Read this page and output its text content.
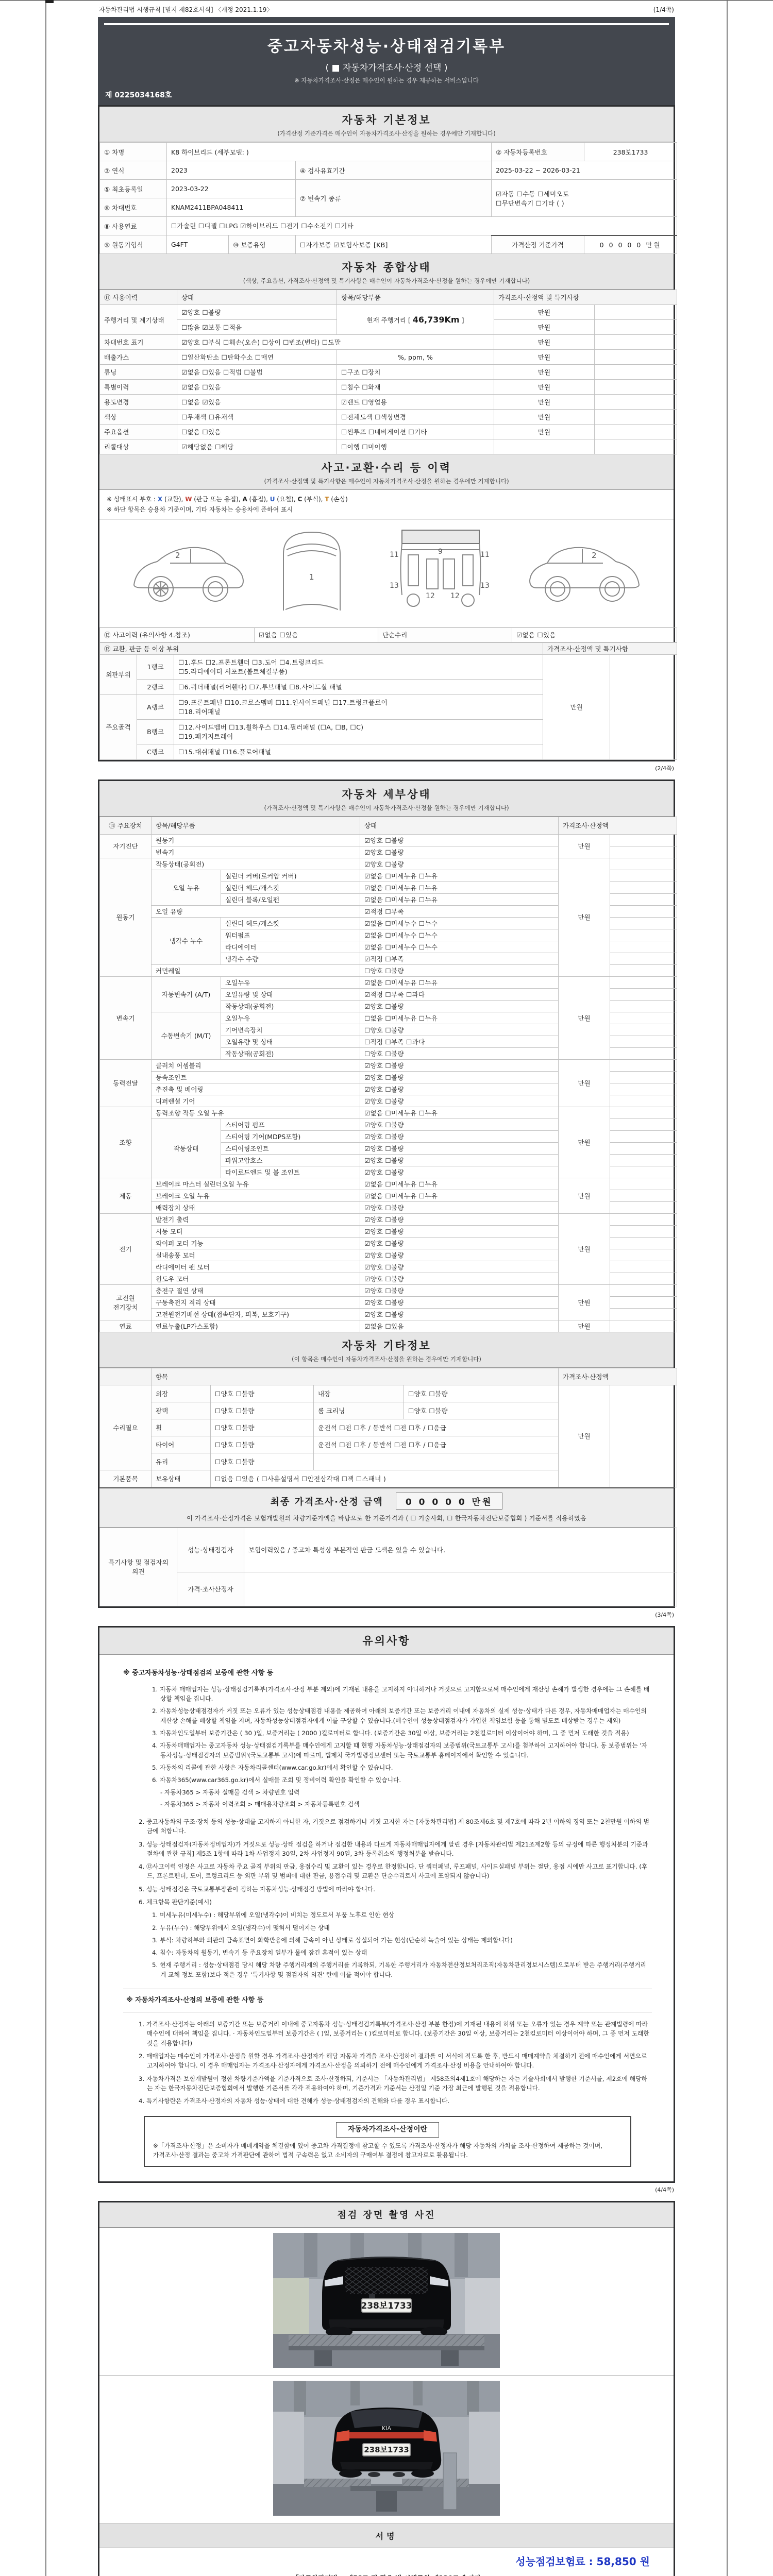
자동차관리법 시행규칙 [별지 제82호서식] 〈개정 2021.1.19〉	(1/4쪽)
중고자동차성능·상태점검기록부
( ■ 자동차가격조사·산정 선택 )
※ 자동차가격조사·산정은 매수인이 원하는 경우 제공하는 서비스입니다
제 0225034168호
자동차 기본정보
(가격산정 기준가격은 매수인이 자동차가격조사·산정을 원하는 경우에만 기재합니다)
① 차명	K8 하이브리드 (세부모델: )			② 자동차등록번호	238보1733
③ 연식	2023		④ 검사유효기간	2025-03-22 ~ 2026-03-21	
⑤ 최초등록일	2023-03-22		⑦ 변속기 종류	☑자동 ☐수동 ☐세미오토
☐무단변속기 ☐기타 ( )	

⑥ 차대번호	KNAM2411BPA048411				
⑧ 사용연료	☐가솔린 ☐디젤 ☐LPG ☑하이브리드 ☐전기 ☐수소전기 ☐기타				
⑨ 원동기형식	G4FT	⑩ 보증유형	☐자가보증 ☑보험사보증 [KB]	가격산정 기준가격	0 0 0 0 0 만원
자동차 종합상태
(색상, 주요옵션, 가격조사·산정액 및 특기사항은 매수인이 자동차가격조사·산정을 원하는 경우에만 기재합니다)
⑪ 사용이력	상태	항목/해당부품	가격조사·산정액 및 특기사항	
주행거리 및 계기상태	☑양호 ☐불량	현재 주행거리 [ 46,739Km ]	만원	
	☐많음 ☑보통 ☐적음		만원	
차대번호 표기	☑양호 ☐부식 ☐훼손(오손) ☐상이 ☐변조(변타) ☐도말		만원	
배출가스	☐일산화탄소 ☐탄화수소 ☐매연	%, ppm, %	만원	
튜닝	☑없음 ☐있음 ☐적법 ☐불법	☐구조 ☐장치	만원	
특별이력	☑없음 ☐있음	☐침수 ☐화재	만원	
용도변경	☐없음 ☑있음	☑렌트 ☐영업용	만원	
색상	☐무채색 ☐유채색	☐전체도색 ☐색상변경	만원	
주요옵션	☐없음 ☐있음	☐썬루프 ☐네비게이션 ☐기타	만원	
리콜대상	☑해당없음 ☐해당	☐이행 ☐미이행		
사고·교환·수리 등 이력
(가격조사·산정액 및 특기사항은 매수인이 자동차가격조사·산정을 원하는 경우에만 기재합니다)
※ 상태표시 부호 : X (교환), W (판금 또는 용접), A (흠집), U (요철), C (부식), T (손상)
※ 하단 항목은 승용차 기준이며, 기타 자동차는 승용차에 준하여 표시
2
1
11	11
9
13	13
12 12
2
⑫ 사고이력 (유의사항 4.참조)	☑없음 ☐있음	단순수리	☑없음 ☐있음
⑬ 교환, 판금 등 이상 부위			가격조사·산정액 및 특기사항	
외판부위	1랭크	☐1.후드 ☐2.프론트휀더 ☐3.도어 ☐4.트렁크리드
☐5.라디에이터 서포트(볼트체결부품)	만원	
	2랭크	☐6.쿼더패널(리어휀다) ☐7.루브패널 ☐8.사이드실 패널		
주요골격	A랭크	☐9.프론트패널 ☐10.크로스멤버 ☐11.인사이드패널 ☐17.트렁크플로어
☐18.리어패널		

	B랭크	☐12.사이드멤버 ☐13.휠하우스 ☐14.필러패널 (☐A, ☐B, ☐C)
☐19.패키지트레이		

	C랭크	☐15.대쉬패널 ☐16.플로어패널		
(2/4쪽)
자동차 세부상태
(가격조사·산정액 및 특기사항은 매수인이 자동차가격조사·산정을 원하는 경우에만 기재합니다)
⑭ 주요장치	항목/해당부품		상태	가격조사·산정액	
자기진단	원동기		☑양호 ☐불량	만원	
	변속기		☑양호 ☐불량		
원동기	작동상태(공회전)		☑양호 ☐불량	만원	
	오일 누유	실린더 커버(로커암 커버)	☑없음 ☐미세누유 ☐누유		
		실린더 헤드/개스킷	☑없음 ☐미세누유 ☐누유		
		실린더 블록/오일팬	☑없음 ☐미세누유 ☐누유		
	오일 유량		☑적정 ☐부족		
	냉각수 누수	실린더 헤드/개스킷	☑없음 ☐미세누수 ☐누수		
		워터펌프	☑없음 ☐미세누수 ☐누수		
		라디에이터	☑없음 ☐미세누수 ☐누수		
		냉각수 수량	☑적정 ☐부족		
	커먼레일		☐양호 ☐불량		
변속기	자동변속기 (A/T)	오일누유	☑없음 ☐미세누유 ☐누유	만원	
		오일유량 및 상태	☑적정 ☐부족 ☐과다		
		작동상태(공회전)	☑양호 ☐불량		
	수동변속기 (M/T)	오일누유	☐없음 ☐미세누유 ☐누유		
		기어변속장치	☐양호 ☐불량		
		오일유량 및 상태	☐적정 ☐부족 ☐과다		
		작동상태(공회전)	☐양호 ☐불량		
동력전달	클러치 어셈블리		☑양호 ☐불량	만원	
	등속조인트		☑양호 ☐불량		
	추진축 및 베어링		☑양호 ☐불량		
	디퍼렌셜 기어		☑양호 ☐불량		
조향	동력조향 작동 오일 누유		☑없음 ☐미세누유 ☐누유	만원	
	작동상태	스티어링 펌프	☑양호 ☐불량		
		스티어링 기어(MDPS포함)	☑양호 ☐불량		
		스티어링조인트	☑양호 ☐불량		
		파워고압호스	☑양호 ☐불량		
		타이로드엔드 및 볼 조인트	☑양호 ☐불량		
제동	브레이크 마스터 실린더오일 누유		☑없음 ☐미세누유 ☐누유	만원	
	브레이크 오일 누유		☑없음 ☐미세누유 ☐누유		
	배력장치 상태		☑양호 ☐불량		
전기	발전기 출력		☑양호 ☐불량	만원	
	시동 모터		☑양호 ☐불량		
	와이퍼 모터 기능		☑양호 ☐불량		
	실내송풍 모터		☑양호 ☐불량		
	라디에이터 팬 모터		☑양호 ☐불량		
	윈도우 모터		☑양호 ☐불량		
고전원 전기장치	충전구 절연 상태		☑양호 ☐불량	만원	
	구동축전지 격리 상태		☑양호 ☐불량		
	고전원전기배선 상태(접속단자, 피복, 보호기구)		☑양호 ☐불량		
연료	연료누출(LP가스포함)		☑없음 ☐있음	만원	
자동차 기타정보
(이 항목은 매수인이 자동차가격조사·산정을 원하는 경우에만 기재합니다)
	항목				가격조사·산정액	
수리필요	외장	☐양호 ☐불량	내장	☐양호 ☐불량	만원	
	광택	☐양호 ☐불량	룸 크리닝	☐양호 ☐불량		
	휠	☐양호 ☐불량	운전석 ☐전 ☐후 / 동반석 ☐전 ☐후 / ☐응급			
	타이어	☐양호 ☐불량	운전석 ☐전 ☐후 / 동반석 ☐전 ☐후 / ☐응급			
	유리	☐양호 ☐불량				
기본품목	보유상태	☐없음 ☐있음 ( ☐사용설명서 ☐안전삼각대 ☐잭 ☐스패너 )				
최종 가격조사·산정 금액	0 0 0 0 0 만원
이 가격조사·산정가격은 보험개발원의 차량기준가액을 바탕으로 한 기준가격과 ( ☐ 기술사회, ☐ 한국자동차진단보증협회 ) 기준서를 적용하였음
특기사항 및 점검자의 의견	성능·상태점검자	보험이력있음 / 중고차 특성상 부분적인 판금 도색은 있을 수 있습니다.
	가격·조사산정자	
(3/4쪽)
유의사항
※ 중고자동차성능·상태점검의 보증에 관한 사항 등

1. 자동차 매매업자는 성능·상태점검기록부(가격조사·산정 부분 제외)에 기재된 내용을 고지하지 아니하거나 거짓으로 고지함으로써 매수인에게 재산상 손해가 발생한 경우에는 그 손해를 배상할 책임을 집니다.

2. 자동차성능상태점검자가 거짓 또는 오류가 있는 성능상태점검 내용을 제공하여 아래의 보증기간 또는 보증거리 이내에 자동차의 실제 성능·상태가 다른 경우, 자동차매매업자는 매수인의 재산상 손해를 배상할 책임을 지며, 자동차성능상태점검자에게 이를 구상할 수 있습니다.(매수인이 성능상태점검자가 가입한 책임보험 등을 통해 별도로 배상받는 경우는 제외)

3. 자동차인도일부터 보증기간은 ( 30 )일, 보증거리는 ( 2000 )킬로미터로 합니다. (보증기간은 30일 이상, 보증거리는 2천킬로미터 이상이어야 하며, 그 중 먼저 도래한 것을 적용)

4. 자동차매매업자는 중고자동차 성능·상태점검기록부를 매수인에게 고지할 때 현행 자동차성능·상태점검자의 보증범위(국토교통부 고시)를 첨부하여 고지하여야 합니다. 동 보증범위는 '자동차성능·상태점검자의 보증범위'(국토교통부 고시)에 따르며, 법제처 국가법령정보센터 또는 국토교통부 홈페이지에서 확인할 수 있습니다.

5. 자동차의 리콜에 관한 사항은 자동차리콜센터(www.car.go.kr)에서 확인할 수 있습니다.

6. 자동차365(www.car365.go.kr)에서 실매물 조회 및 정비이력 확인을 확인할 수 있습니다.

- 자동차365 > 자동차 실매물 검색 > 차량번호 입력

- 자동차365 > 자동차 이력조회 > 매매용차량조회 > 자동차등록번호 검색

2. 중고자동차의 구조·장치 등의 성능·상태를 고지하지 아니한 자, 거짓으로 점검하거나 거짓 고지한 자는 [자동차관리법] 제 80조제6호 및 제7호에 따라 2년 이하의 징역 또는 2천만원 이하의 벌금에 처합니다.

3. 성능·상태점검자(자동차정비업자)가 거짓으로 성능·상태 점검을 하거나 점검한 내용과 다르게 자동차매매업자에게 알린 경우 [자동차관리법 제21조제2항 등의 규정에 따른 행정처분의 기준과 절차에 관한 규칙] 제5조 1항에 따라 1차 사업정지 30일, 2차 사업정지 90일, 3차 등록취소의 행정처분을 받습니다.

4. ⑫사고이력 인정은 사고로 자동차 주요 골격 부위의 판금, 용접수리 및 교환이 있는 경우로 한정합니다. 단 쿼터패널, 루프패널, 사이드실패널 부위는 절단, 용접 시에만 사고로 표기합니다. (후드, 프론트펜더, 도어, 트렁크리드 등 외판 부위 및 범퍼에 대한 판금, 용접수리 및 교환은 단순수리로서 사고에 포함되지 않습니다)

5. 성능·상태점검은 국토교통부장관이 정하는 자동차성능·상태점검 방법에 따라야 합니다.

6. 체크항목 판단기준(예시)

1. 미세누유(미세누수) : 해당부위에 오일(냉각수)이 비치는 정도로서 부품 노후로 인한 현상

2. 누유(누수) : 해당부위에서 오일(냉각수)이 맺혀서 떨어지는 상태

3. 부식: 차량하부와 외판의 금속표면이 화학반응에 의해 금속이 아닌 상태로 상실되어 가는 현상(단순히 녹슬어 있는 상태는 제외합니다)

4. 침수: 자동차의 원동기, 변속기 등 주요장치 일부가 물에 잠긴 흔적이 있는 상태

5. 현재 주행거리 : 성능·상태점검 당시 해당 차량 주행거리계의 주행거리를 기록하되, 기록한 주행거리가 자동차전산정보처리조직(자동차관리정보시스템)으로부터 받은 주행거리(주행거리계 교체 정보 포함)보다 적은 경우 '특기사항 및 점검자의 의견' 란에 이를 적어야 합니다.

※ 자동차가격조사·산정의 보증에 관한 사항 등

1. 가격조사·산정자는 아래의 보증기간 또는 보증거리 이내에 중고자동차 성능·상태점검기록부(가격조사·산정 부분 한정)에 기재된 내용에 허위 또는 오류가 있는 경우 계약 또는 관계법령에 따라 매수인에 대하여 책임을 집니다. · 자동차인도일부터 보증기간은 ( )일, 보증거리는 ( )킬로미터로 합니다. (보증기간은 30일 이상, 보증거리는 2천킬로미터 이상이어야 하며, 그 중 먼저 도래한 것을 적용합니다)

2. 매매업자는 매수인이 가격조사·산정을 원할 경우 가격조사·산정자가 해당 자동차 가격을 조사·산정하여 결과를 이 서식에 적도록 한 후, 반드시 매매계약을 체결하기 전에 매수인에게 서면으로 고지하여야 합니다. 이 경우 매매업자는 가격조사·산정자에게 가격조사·산정을 의뢰하기 전에 매수인에게 가격조사·산정 비용을 안내하여야 합니다.

3. 자동차가격은 보험개발원이 정한 차량기준가액을 기준가격으로 조사·산정하되, 기준서는 「자동차관리법」 제58조의4제1호에 해당하는 자는 기술사회에서 발행한 기준서를, 제2호에 해당하는 자는 한국자동차진단보증협회에서 발행한 기준서를 각각 적용하여야 하며, 기준가격과 기준서는 산정일 기준 가장 최근에 발행된 것을 적용합니다.

4. 특기사항란은 가격조사·산정자의 자동차 성능·상태에 대한 견해가 성능·상태점검자의 견해와 다를 경우 표시합니다.

자동차가격조사·산정이란
※「가격조사·산정」은 소비자가 매매계약을 체결함에 있어 중고차 가격결정에 참고할 수 있도록 가격조사·산정자가 해당 자동차의 가치를 조사·산정하여 제공하는 것이며,
가격조사·산정 결과는 중고차 가격판단에 관하여 법적 구속력은 없고 소비자의 구매여부 결정에 참고자료로 활용됩니다.
(4/4쪽)
점검 장면 촬영 사진
238보1733
KIA
238보1733
서명
성능점검보험료 : 58,850 원
